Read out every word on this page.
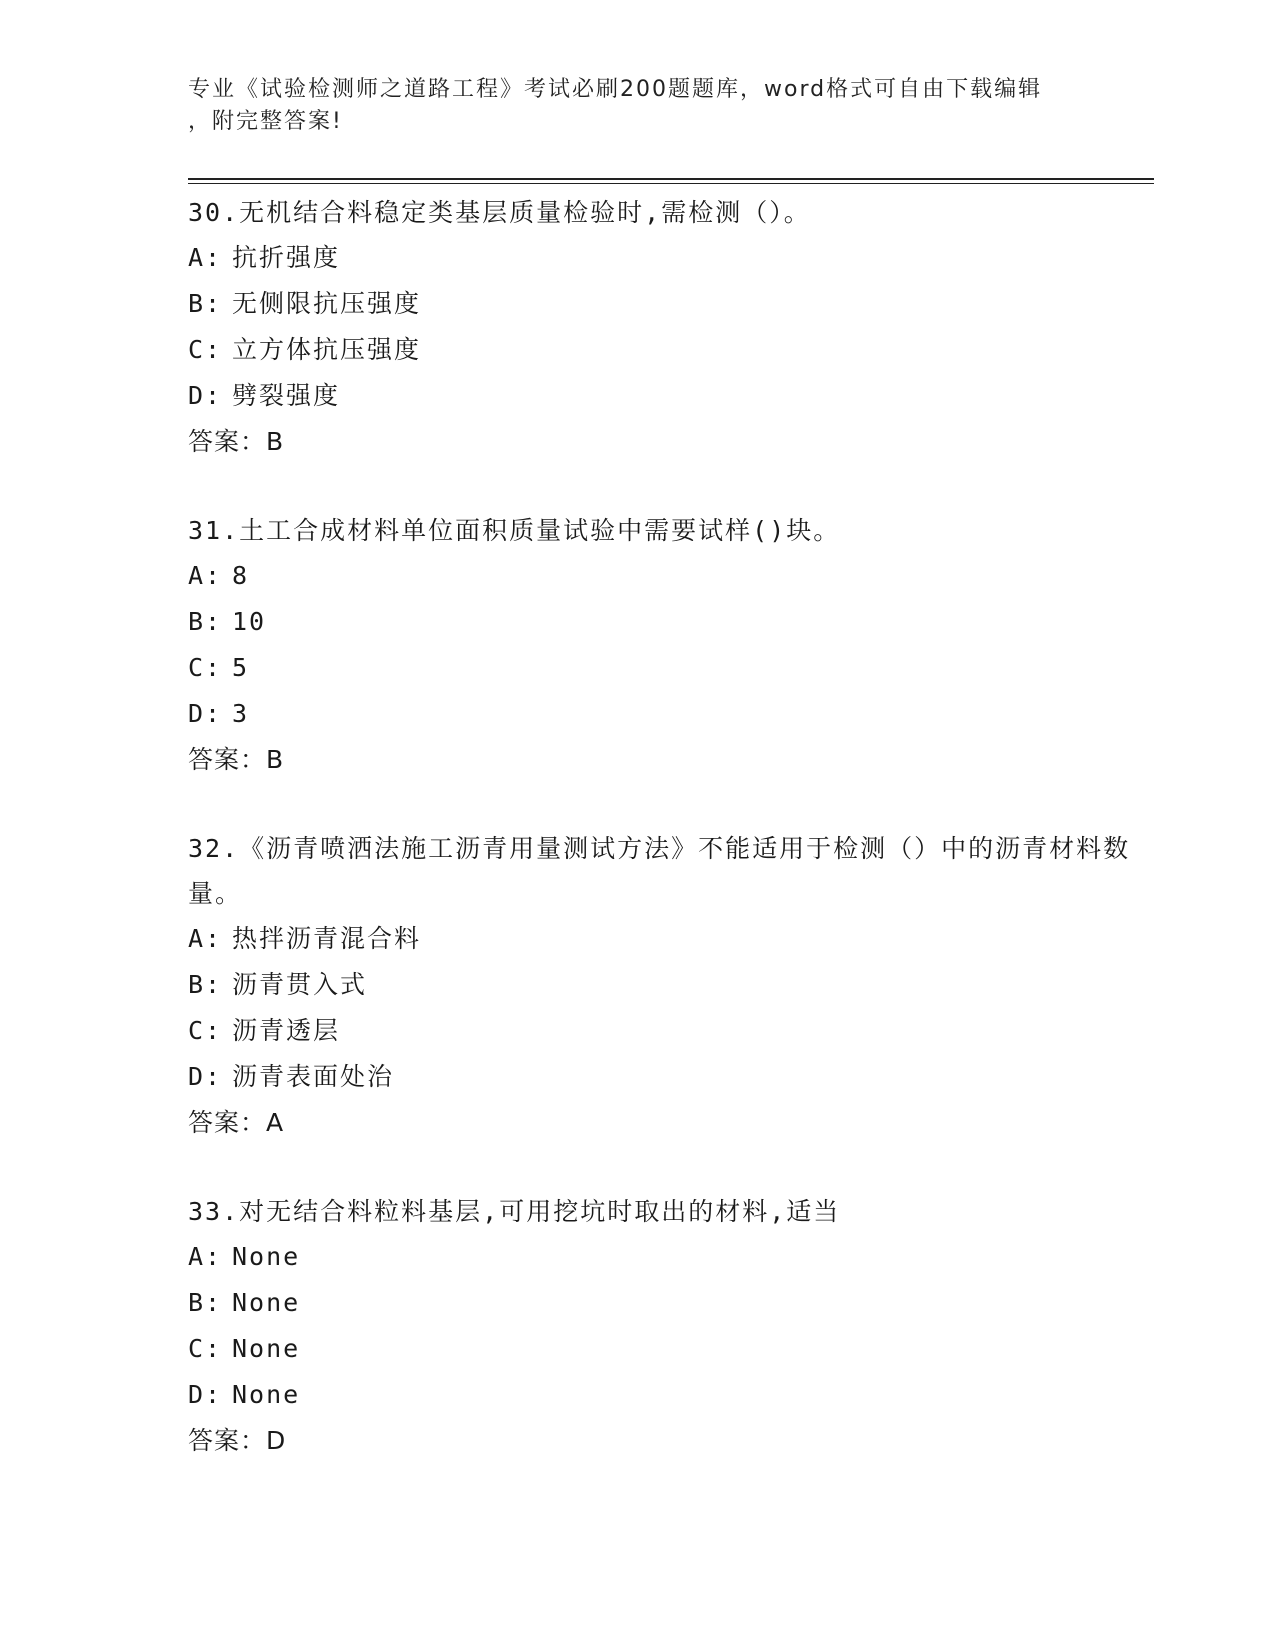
专业《试验检测师之道路工程》考试必刷200题题库，word格式可自由下载编辑
，附完整答案!

30.无机结合料稳定类基层质量检验时,需检测（）。

A: 抗折强度

B: 无侧限抗压强度

C: 立方体抗压强度

D: 劈裂强度

答案：B

31.土工合成材料单位面积质量试验中需要试样()块。

A: 8

B: 10

C: 5

D: 3

答案：B

32.《沥青喷洒法施工沥青用量测试方法》不能适用于检测（）中的沥青材料数量。

A: 热拌沥青混合料

B: 沥青贯入式

C: 沥青透层

D: 沥青表面处治

答案：A

33.对无结合料粒料基层,可用挖坑时取出的材料,适当

A: None

B: None

C: None

D: None

答案：D
